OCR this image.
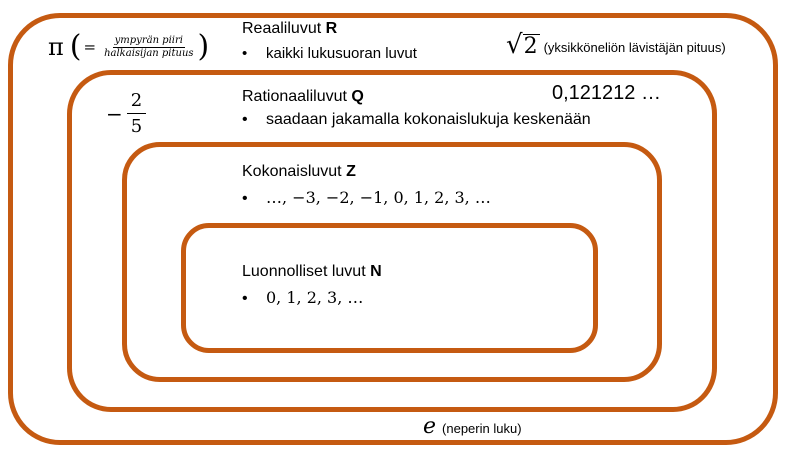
Reaaliluvut R
• kaikki lukusuoran luvut
Rationaaliluvut Q
• saadaan jakamalla kokonaislukuja keskenään
Kokonaisluvut Z
• …, −3, −2, −1, 0, 1, 2, 3, …
Luonnolliset luvut N
• 0, 1, 2, 3, …
π ( = $\frac{\text{ympyrän piiri}}{\text{halkaisijan pituus}}$ )	√ 2 (yksikköneliön lävistäjän pituus)
− $\frac{2}{5}$	0,121212 …
e (neperin luku)
